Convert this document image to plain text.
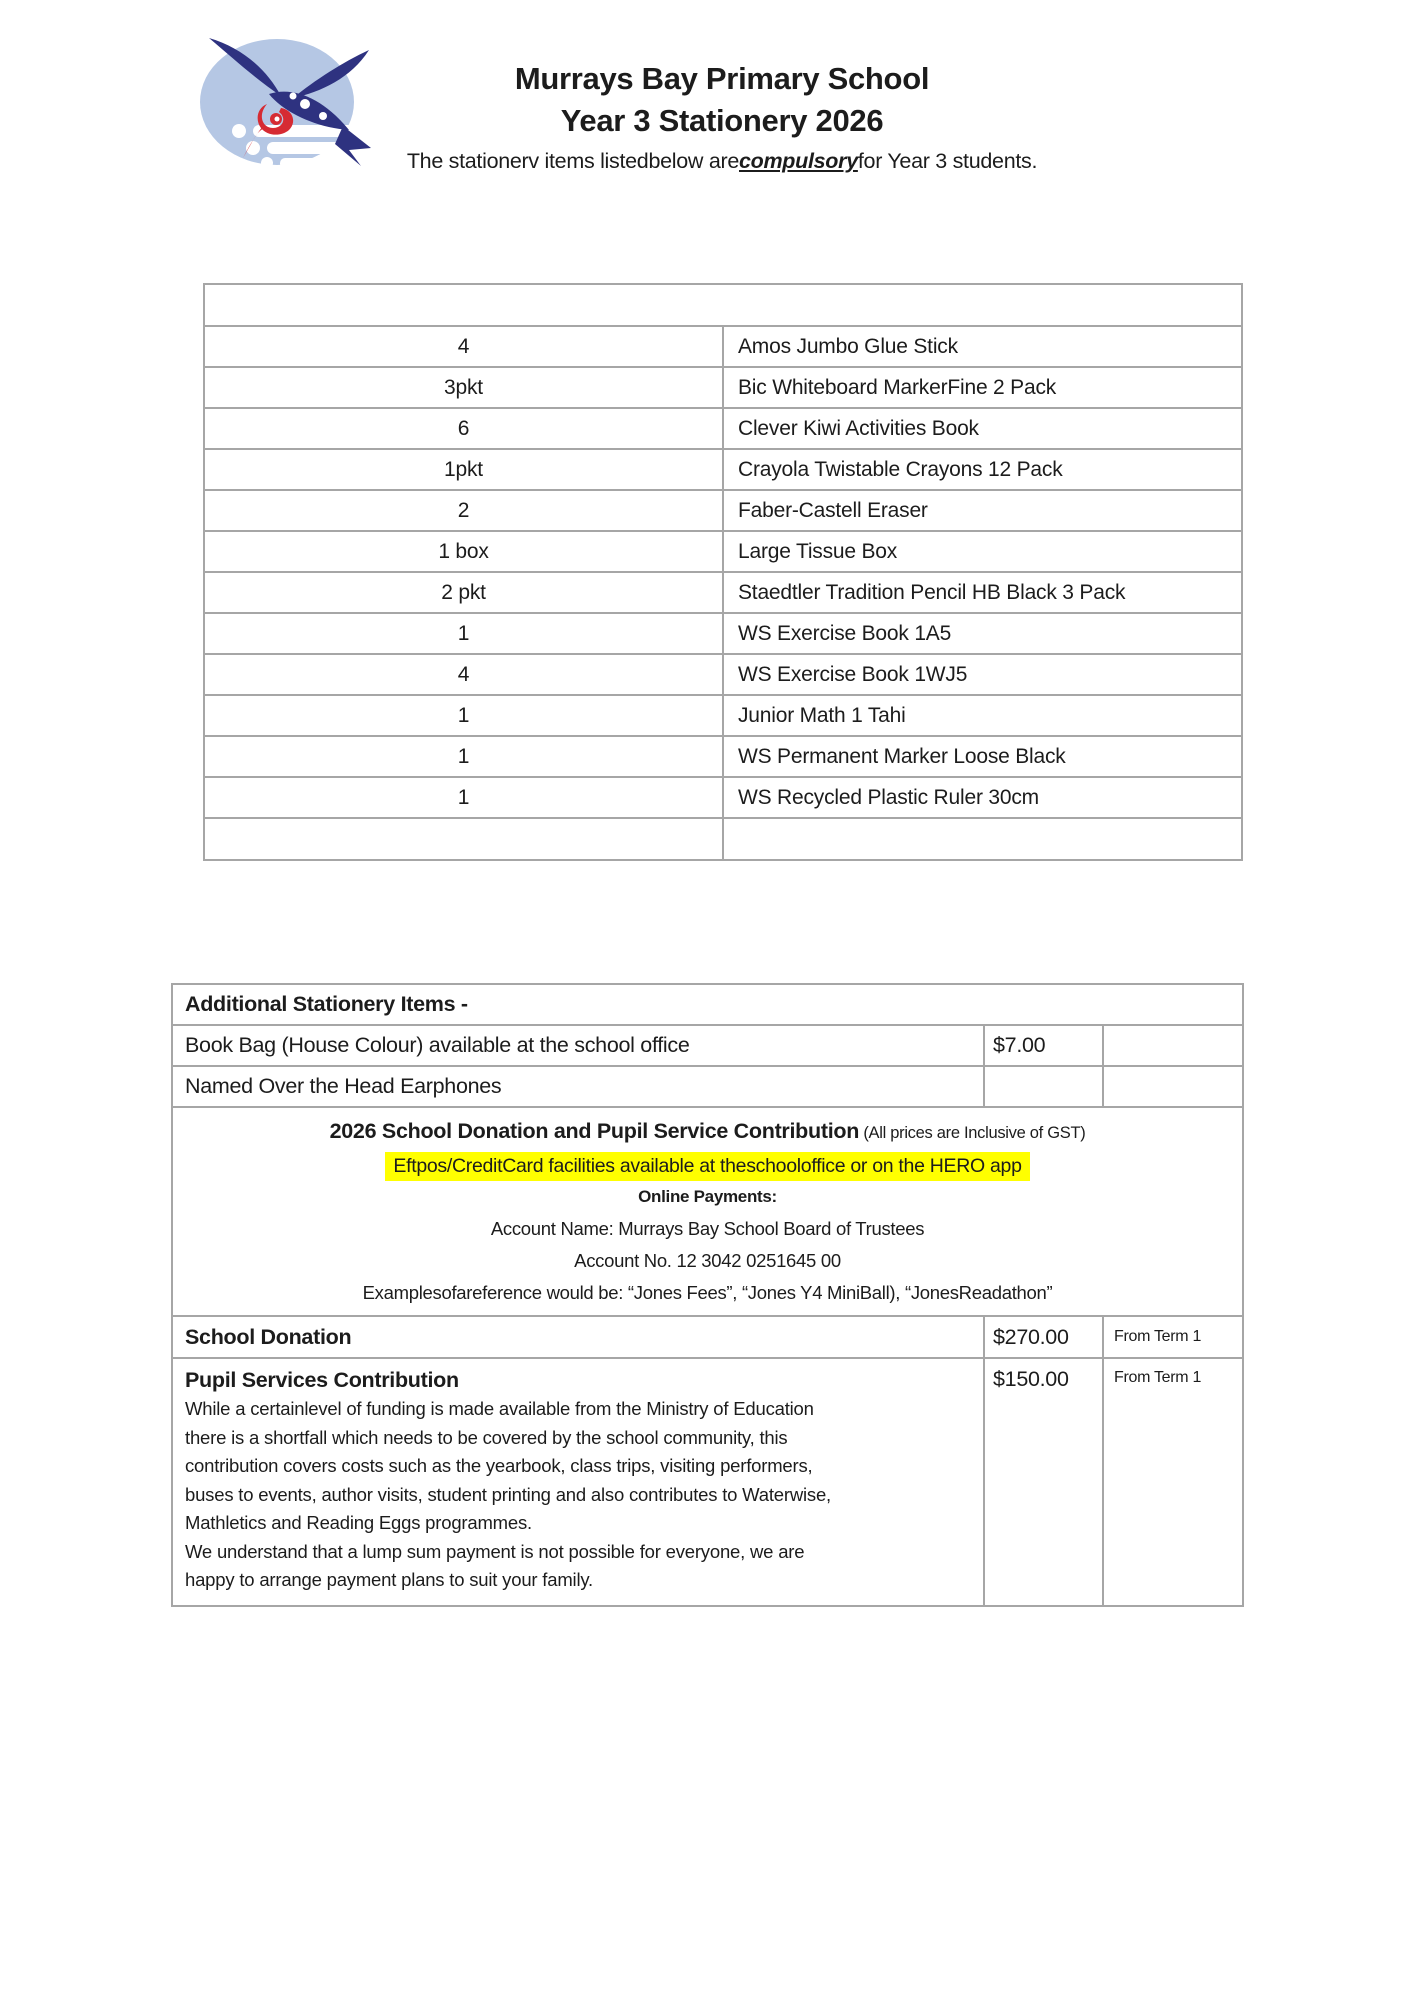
Murrays Bay Primary School
Year 3 Stationery 2026
The stationerv items listedbelow arecompulsoryfor Year 3 students.

4	Amos Jumbo Glue Stick
3pkt	Bic Whiteboard MarkerFine 2 Pack
6	Clever Kiwi Activities Book
1pkt	Crayola Twistable Crayons 12 Pack
2	Faber-Castell Eraser
1 box	Large Tissue Box
2 pkt	Staedtler Tradition Pencil HB Black 3 Pack
1	WS Exercise Book 1A5
4	WS Exercise Book 1WJ5
1	Junior Math 1 Tahi
1	WS Permanent Marker Loose Black
1	WS Recycled Plastic Ruler 30cm

Additional Stationery Items -		
Book Bag (House Colour) available at the school office	$7.00	
Named Over the Head Earphones		

2026 School Donation and Pupil Service Contribution (All prices are Inclusive of GST)
Eftpos/CreditCard facilities available at theschooloffice or on the HERO app
Online Payments:
Account Name: Murrays Bay School Board of Trustees
Account No. 12 3042 0251645 00
Examplesofareference would be: “Jones Fees”, “Jones Y4 MiniBall), “JonesReadathon”

School Donation	$270.00	From Term 1

Pupil Services Contribution
While a certainlevel of funding is made available from the Ministry of Education
there is a shortfall which needs to be covered by the school community, this
contribution covers costs such as the yearbook, class trips, visiting performers,
buses to events, author visits, student printing and also contributes to Waterwise,
Mathletics and Reading Eggs programmes.
We understand that a lump sum payment is not possible for everyone, we are
happy to arrange payment plans to suit your family.
	$150.00	From Term 1
